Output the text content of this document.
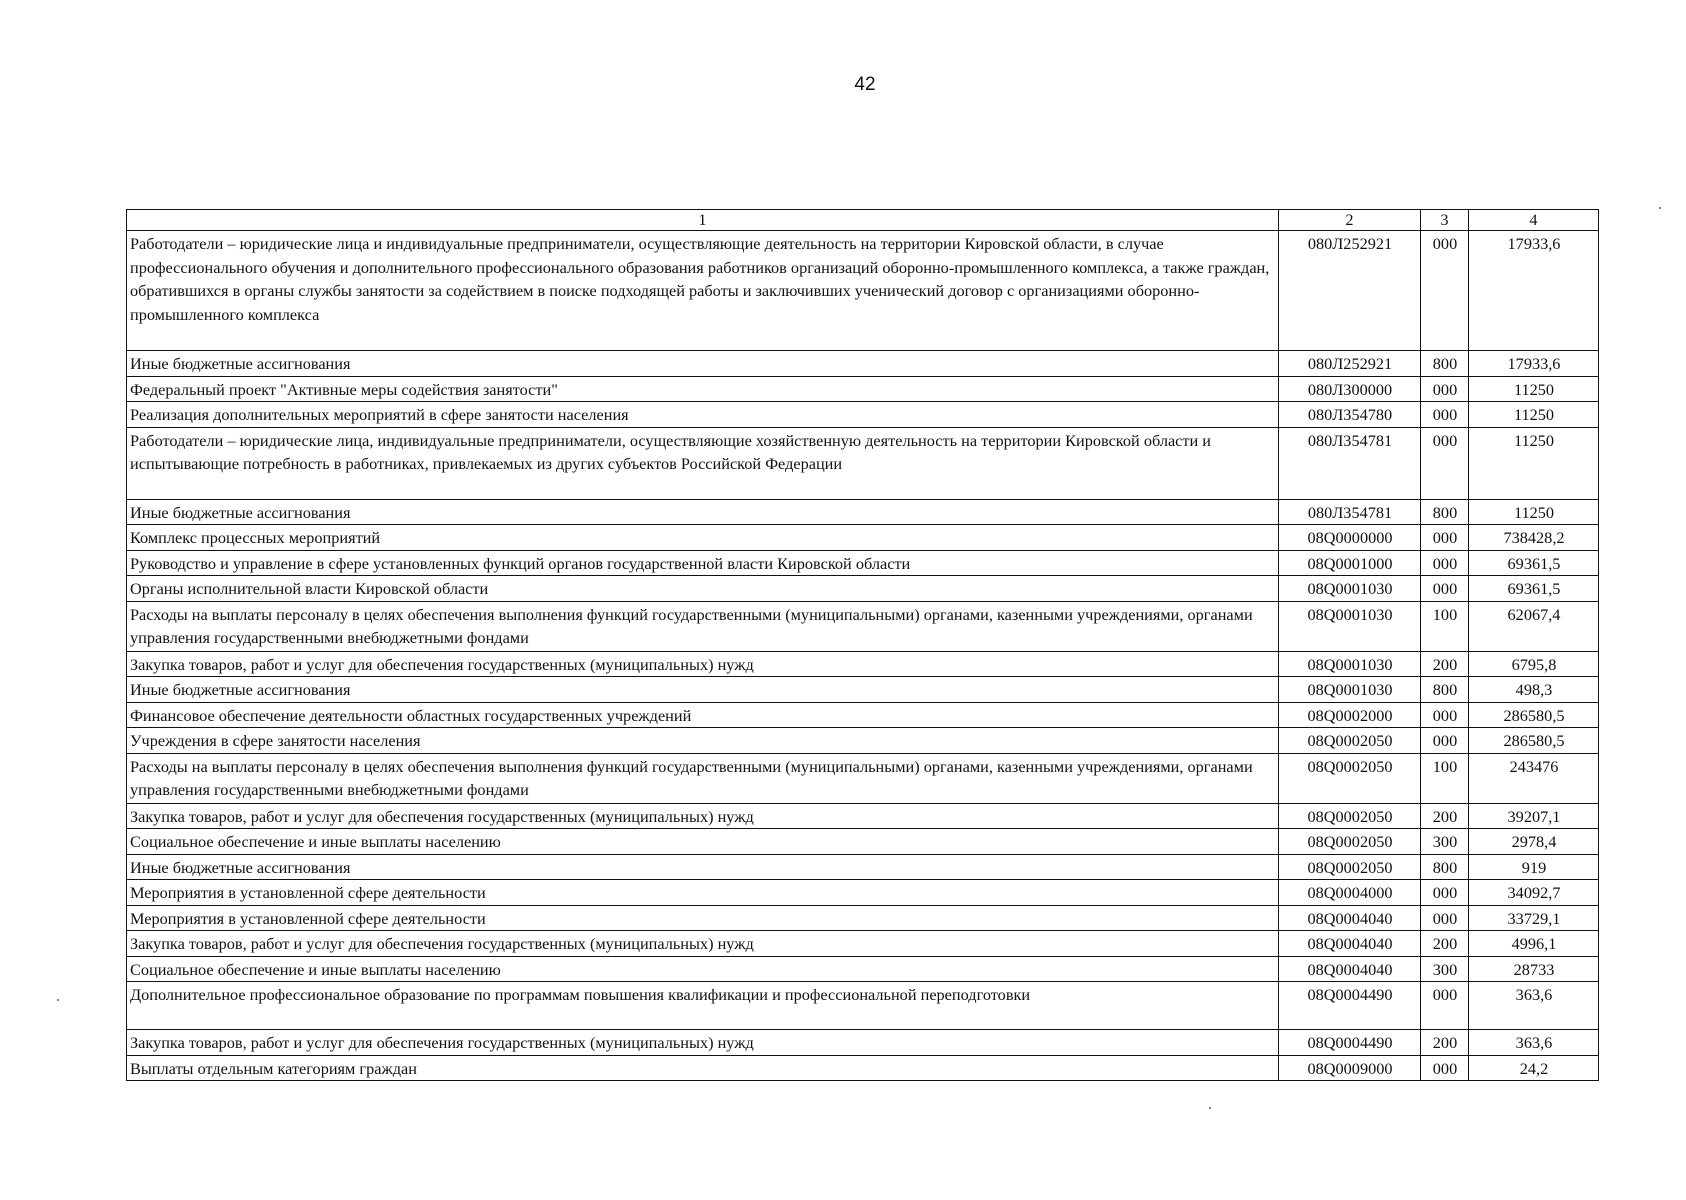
42
1	2	3	4
Работодатели – юридические лица и индивидуальные предприниматели, осуществляющие деятельность на территории Кировской области, в случае профессионального обучения и дополнительного профессионального образования работников организаций оборонно-промышленного комплекса, а также граждан, обратившихся в органы службы занятости за содействием в поиске подходящей работы и заключивших ученический договор с организациями оборонно-промышленного комплекса	080Л252921	000	17933,6
Иные бюджетные ассигнования	080Л252921	800	17933,6
Федеральный проект "Активные меры содействия занятости"	080Л300000	000	11250
Реализация дополнительных мероприятий в сфере занятости населения	080Л354780	000	11250
Работодатели – юридические лица, индивидуальные предприниматели, осуществляющие хозяйственную деятельность на территории Кировской области и испытывающие потребность в работниках, привлекаемых из других субъектов Российской Федерации	080Л354781	000	11250
Иные бюджетные ассигнования	080Л354781	800	11250
Комплекс процессных мероприятий	08Q0000000	000	738428,2
Руководство и управление в сфере установленных функций органов государственной власти Кировской области	08Q0001000	000	69361,5
Органы исполнительной власти Кировской области	08Q0001030	000	69361,5
Расходы на выплаты персоналу в целях обеспечения выполнения функций государственными (муниципальными) органами, казенными учреждениями, органами управления государственными внебюджетными фондами	08Q0001030	100	62067,4
Закупка товаров, работ и услуг для обеспечения государственных (муниципальных) нужд	08Q0001030	200	6795,8
Иные бюджетные ассигнования	08Q0001030	800	498,3
Финансовое обеспечение деятельности областных государственных учреждений	08Q0002000	000	286580,5
Учреждения в сфере занятости населения	08Q0002050	000	286580,5
Расходы на выплаты персоналу в целях обеспечения выполнения функций государственными (муниципальными) органами, казенными учреждениями, органами управления государственными внебюджетными фондами	08Q0002050	100	243476
Закупка товаров, работ и услуг для обеспечения государственных (муниципальных) нужд	08Q0002050	200	39207,1
Социальное обеспечение и иные выплаты населению	08Q0002050	300	2978,4
Иные бюджетные ассигнования	08Q0002050	800	919
Мероприятия в установленной сфере деятельности	08Q0004000	000	34092,7
Мероприятия в установленной сфере деятельности	08Q0004040	000	33729,1
Закупка товаров, работ и услуг для обеспечения государственных (муниципальных) нужд	08Q0004040	200	4996,1
Социальное обеспечение и иные выплаты населению	08Q0004040	300	28733
Дополнительное профессиональное образование по программам повышения квалификации и профессиональной переподготовки	08Q0004490	000	363,6
Закупка товаров, работ и услуг для обеспечения государственных (муниципальных) нужд	08Q0004490	200	363,6
Выплаты отдельным категориям граждан	08Q0009000	000	24,2
